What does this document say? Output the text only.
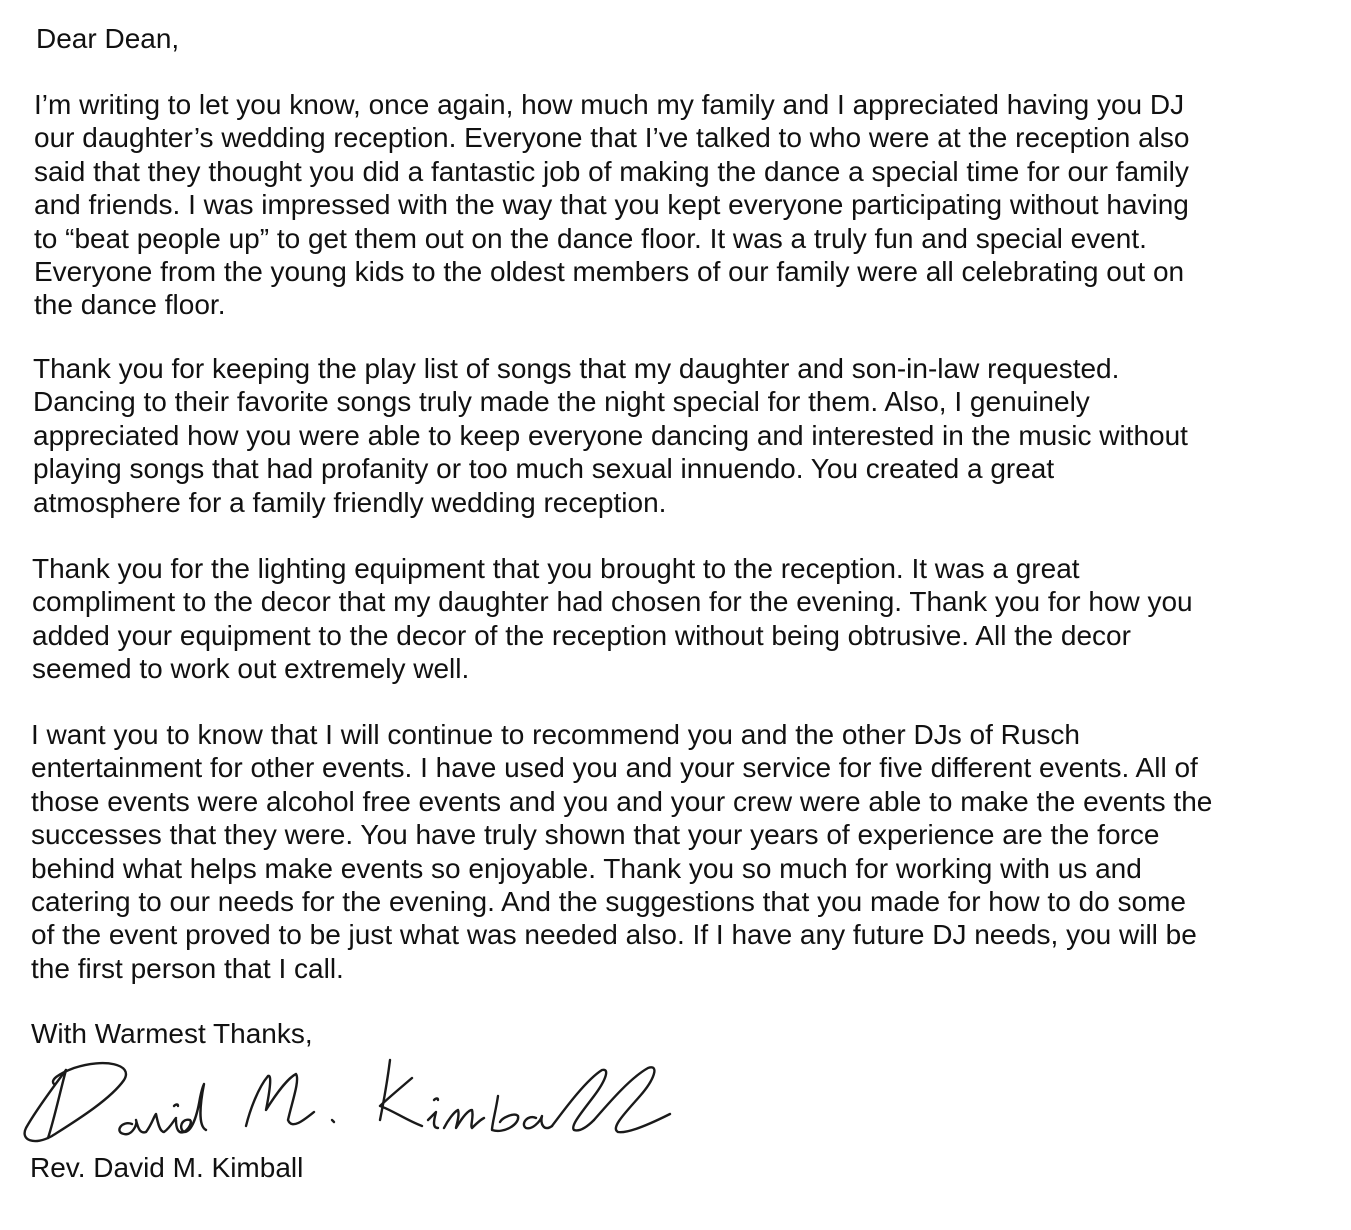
Dear Dean,

I’m writing to let you know, once again, how much my family and I appreciated having you DJ
our daughter’s wedding reception. Everyone that I’ve talked to who were at the reception also
said that they thought you did a fantastic job of making the dance a special time for our family
and friends. I was impressed with the way that you kept everyone participating without having
to “beat people up” to get them out on the dance floor. It was a truly fun and special event.
Everyone from the young kids to the oldest members of our family were all celebrating out on
the dance floor.
Thank you for keeping the play list of songs that my daughter and son-in-law requested.
Dancing to their favorite songs truly made the night special for them. Also, I genuinely
appreciated how you were able to keep everyone dancing and interested in the music without
playing songs that had profanity or too much sexual innuendo. You created a great
atmosphere for a family friendly wedding reception.
Thank you for the lighting equipment that you brought to the reception. It was a great
compliment to the decor that my daughter had chosen for the evening. Thank you for how you
added your equipment to the decor of the reception without being obtrusive. All the decor
seemed to work out extremely well.
I want you to know that I will continue to recommend you and the other DJs of Rusch
entertainment for other events. I have used you and your service for five different events. All of
those events were alcohol free events and you and your crew were able to make the events the
successes that they were. You have truly shown that your years of experience are the force
behind what helps make events so enjoyable. Thank you so much for working with us and
catering to our needs for the evening. And the suggestions that you made for how to do some
of the event proved to be just what was needed also. If I have any future DJ needs, you will be
the first person that I call.

With Warmest Thanks,

Rev. David M. Kimball
